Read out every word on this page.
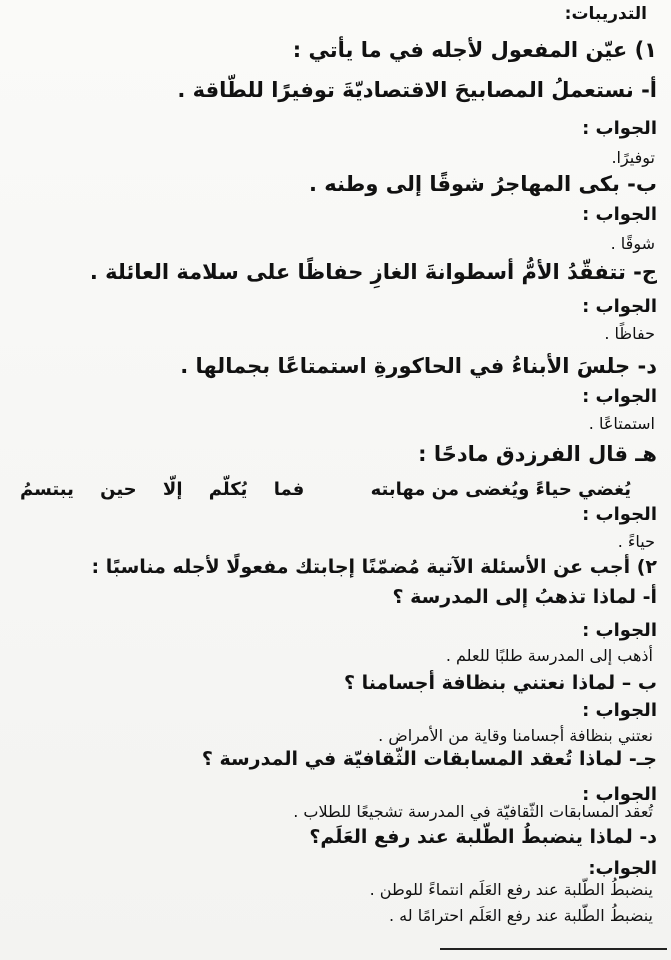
التدريبات:
١) عيّن المفعول لأجله في ما يأتي :
أ- نستعملُ المصابيحَ الاقتصاديّةَ توفيرًا للطّاقة .
الجواب :
توفيرًا.
ب- بكى المهاجرُ شوقًا إلى وطنه .
الجواب :
شوقًا .
ج- تتفقّدُ الأمُّ أسطوانةَ الغازِ حفاظًا على سلامة العائلة .
الجواب :
حفاظًا .
د- جلسَ الأبناءُ في الحاكورةِ استمتاعًا بجمالها .
الجواب :
استمتاعًا .
هـ قال الفرزدق مادحًا :
يُغضي حياءً ويُغضى من مهابته
فما
يُكلّم
إلّا
حين
يبتسمُ
الجواب :
حياءً .
٢) أجب عن الأسئلة الآتية مُضمّنًا إجابتك مفعولًا لأجله مناسبًا :
أ- لماذا تذهبُ إلى المدرسة ؟
الجواب :
أذهب إلى المدرسة طلبًا للعلم .
ب – لماذا نعتني بنظافة أجسامنا ؟
الجواب :
نعتني بنظافة أجسامنا وقاية من الأمراض .
جـ- لماذا تُعقد المسابقات الثّقافيّة في المدرسة ؟
الجواب :
تُعقد المسابقات الثّقافيّة في المدرسة تشجيعًا للطلاب .
د- لماذا ينضبطُ الطّلبة عند رفع العَلَم؟
الجواب:
ينضبطُ الطّلبة عند رفع العَلَم انتماءً للوطن .
ينضبطُ الطّلبة عند رفع العَلَم احترامًا له .
